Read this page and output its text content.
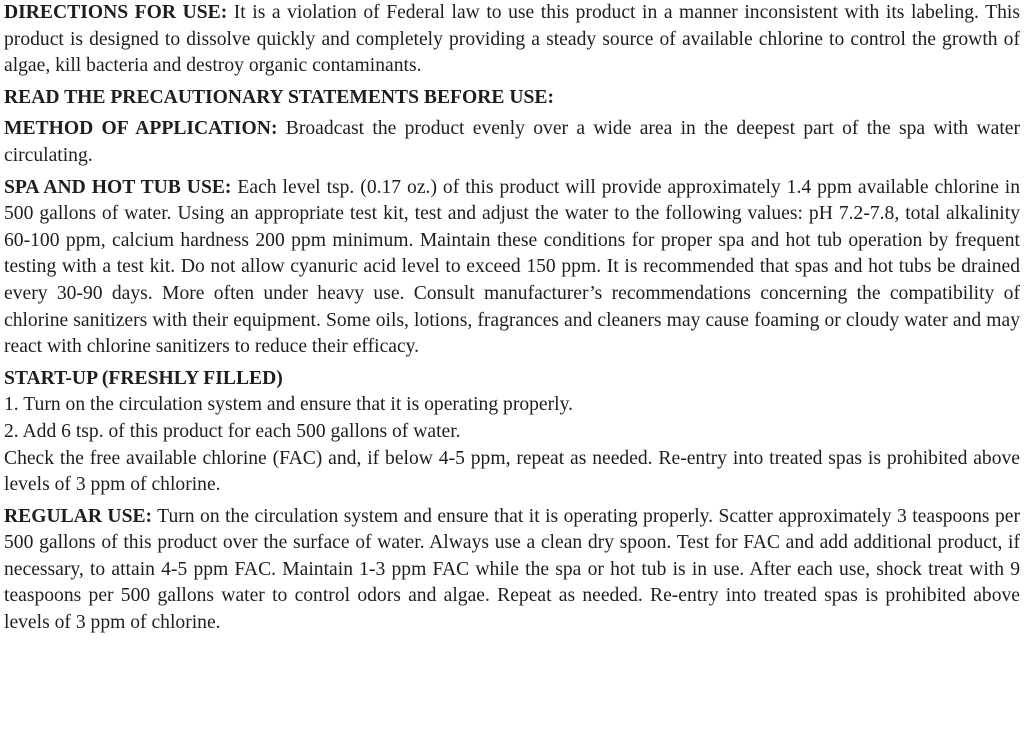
DIRECTIONS FOR USE: It is a violation of Federal law to use this product in a manner inconsistent with its labeling. This product is designed to dissolve quickly and completely providing a steady source of available chlorine to control the growth of algae, kill bacteria and destroy organic contaminants.

READ THE PRECAUTIONARY STATEMENTS BEFORE USE:

METHOD OF APPLICATION: Broadcast the product evenly over a wide area in the deepest part of the spa with water circulating.

SPA AND HOT TUB USE: Each level tsp. (0.17 oz.) of this product will provide approximately 1.4 ppm available chlorine in 500 gallons of water. Using an appropriate test kit, test and adjust the water to the following values: pH 7.2-7.8, total alkalinity 60-100 ppm, calcium hardness 200 ppm minimum. Maintain these conditions for proper spa and hot tub operation by frequent testing with a test kit. Do not allow cyanuric acid level to exceed 150 ppm. It is recommended that spas and hot tubs be drained every 30-90 days. More often under heavy use. Consult manufacturer’s recommendations concerning the compatibility of chlorine sanitizers with their equipment. Some oils, lotions, fragrances and cleaners may cause foaming or cloudy water and may react with chlorine sanitizers to reduce their efficacy.

START-UP (FRESHLY FILLED)

1. Turn on the circulation system and ensure that it is operating properly.

2. Add 6 tsp. of this product for each 500 gallons of water.

Check the free available chlorine (FAC) and, if below 4-5 ppm, repeat as needed. Re-entry into treated spas is prohibited above levels of 3 ppm of chlorine.

REGULAR USE: Turn on the circulation system and ensure that it is operating properly. Scatter approximately 3 teaspoons per 500 gallons of this product over the surface of water. Always use a clean dry spoon. Test for FAC and add additional product, if necessary, to attain 4-5 ppm FAC. Maintain 1-3 ppm FAC while the spa or hot tub is in use. After each use, shock treat with 9 teaspoons per 500 gallons water to control odors and algae. Repeat as needed. Re-entry into treated spas is prohibited above levels of 3 ppm of chlorine.
